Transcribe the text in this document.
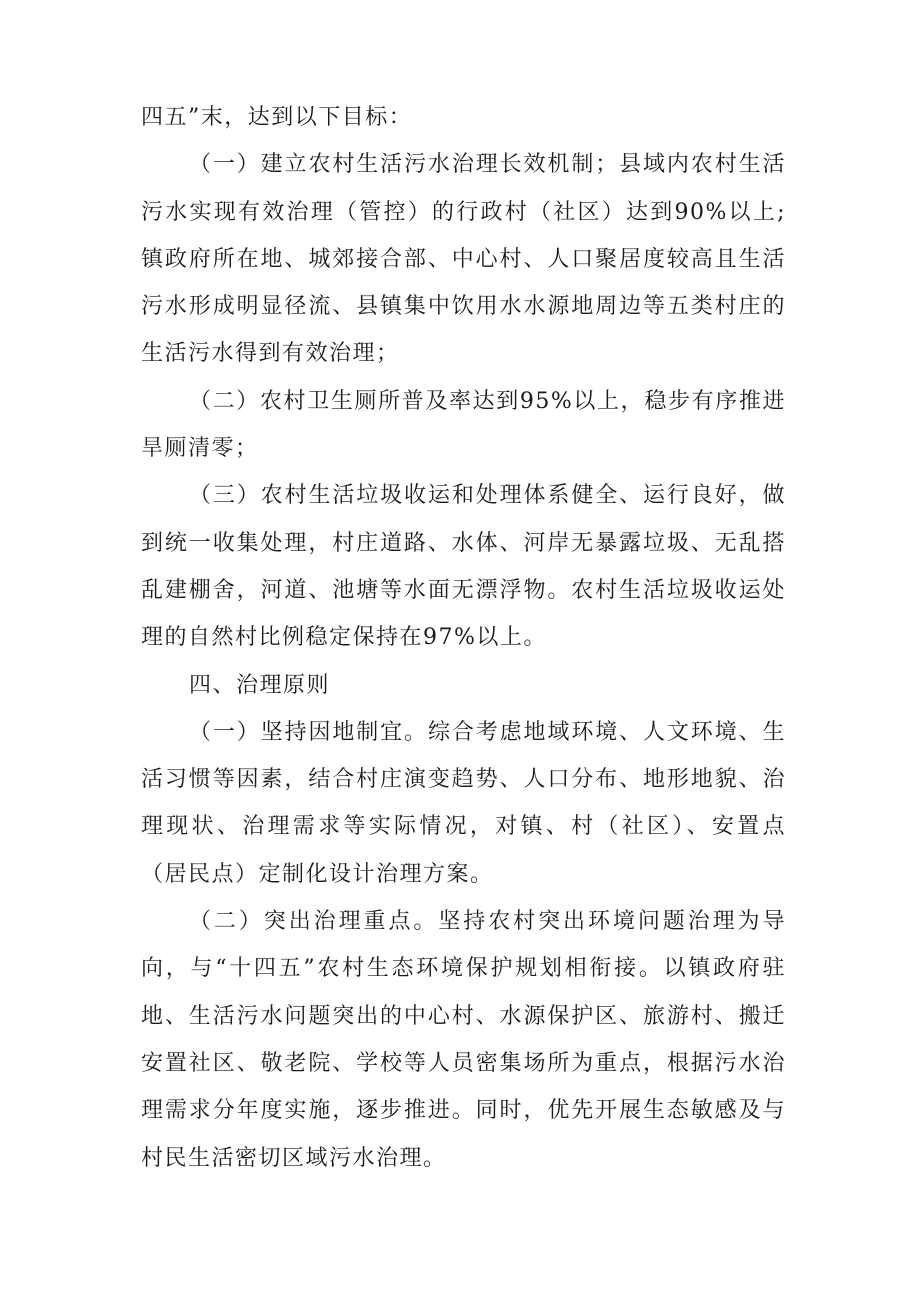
四五”末，达到以下目标：

（一）建立农村生活污水治理长效机制；县域内农村生活污水实现有效治理（管控）的行政村（社区）达到90%以上;镇政府所在地、城郊接合部、中心村、人口聚居度较高且生活污水形成明显径流、县镇集中饮用水水源地周边等五类村庄的生活污水得到有效治理；

（二）农村卫生厕所普及率达到95%以上，稳步有序推进旱厕清零；

（三）农村生活垃圾收运和处理体系健全、运行良好，做到统一收集处理，村庄道路、水体、河岸无暴露垃圾、无乱搭乱建棚舍，河道、池塘等水面无漂浮物。农村生活垃圾收运处理的自然村比例稳定保持在97%以上。

四、治理原则

（一）坚持因地制宜。综合考虑地域环境、人文环境、生活习惯等因素，结合村庄演变趋势、人口分布、地形地貌、治理现状、治理需求等实际情况，对镇、村（社区）、安置点（居民点）定制化设计治理方案。

（二）突出治理重点。坚持农村突出环境问题治理为导向，与“十四五”农村生态环境保护规划相衔接。以镇政府驻地、生活污水问题突出的中心村、水源保护区、旅游村、搬迁安置社区、敬老院、学校等人员密集场所为重点，根据污水治理需求分年度实施，逐步推进。同时，优先开展生态敏感及与村民生活密切区域污水治理。
